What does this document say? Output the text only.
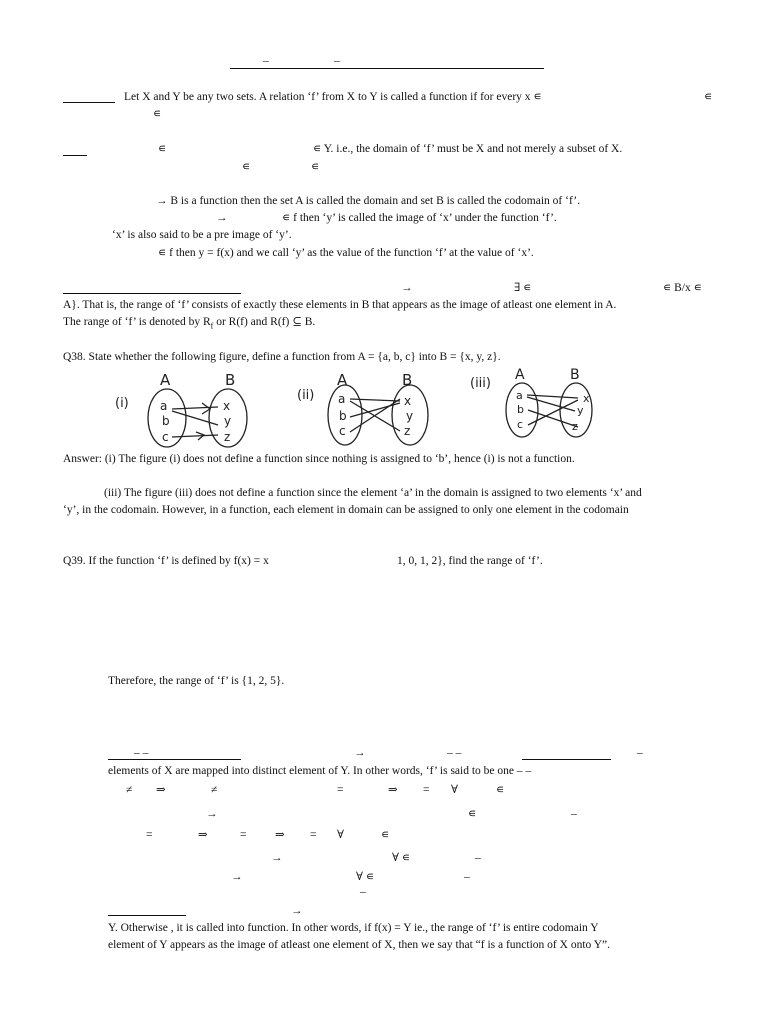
–	–
Let X and Y be any two sets. A relation ‘f’ from X to Y is called a function if for every x ∊	∊
∊
∊	∊ Y. i.e., the domain of ‘f’ must be X and not merely a subset of X.
∊	∊
→ B is a function then the set A is called the domain and set B is called the codomain of ‘f’.
→	∊ f then ‘y’ is called the image of ‘x’ under the function ‘f’.
‘x’ is also said to be a pre image of ‘y’.
∊ f then y = f(x) and we call ‘y’ as the value of the function ‘f’ at the value of ‘x’.
→	∃ ∊	∊ B/x ∊
A}. That is, the range of ‘f’ consists of exactly these elements in B that appears as the image of atleast one element in A.
The range of ‘f’ is denoted by $R_f$ or R(f) and R(f) ⊆ B.
Q38. State whether the following figure, define a function from A = {a, b, c} into B = {x, y, z}.
(i)
A	B
a
b
c
x
y
z
(ii)
A	B
a
b
c
x
y
z
(iii)
A	B
a
b
c
x
y
z
Answer: (i) The figure (i) does not define a function since nothing is assigned to ‘b’, hence (i) is not a function.
(iii) The figure (iii) does not define a function since the element ‘a’ in the domain is assigned to two elements ‘x’ and
‘y’, in the codomain. However, in a function, each element in domain can be assigned to only one element in the codomain
Q39. If the function ‘f’ is defined by f(x) = x	1, 0, 1, 2}, find the range of ‘f’.
Therefore, the range of ‘f’ is {1, 2, 5}.
– –	→	– –	–
elements of X are mapped into distinct element of Y. In other words, ‘f’ is said to be one – –
≠ ⇒	≠	=	⇒ = ∀	∊
→	∊	–
=	⇒	= ⇒ = ∀	∊
→	∀ ∊	–
→	∀ ∊	–
–
→
Y. Otherwise , it is called into function. In other words, if f(x) = Y ie., the range of ‘f’ is entire codomain Y
element of Y appears as the image of atleast one element of X, then we say that “f is a function of X onto Y”.
